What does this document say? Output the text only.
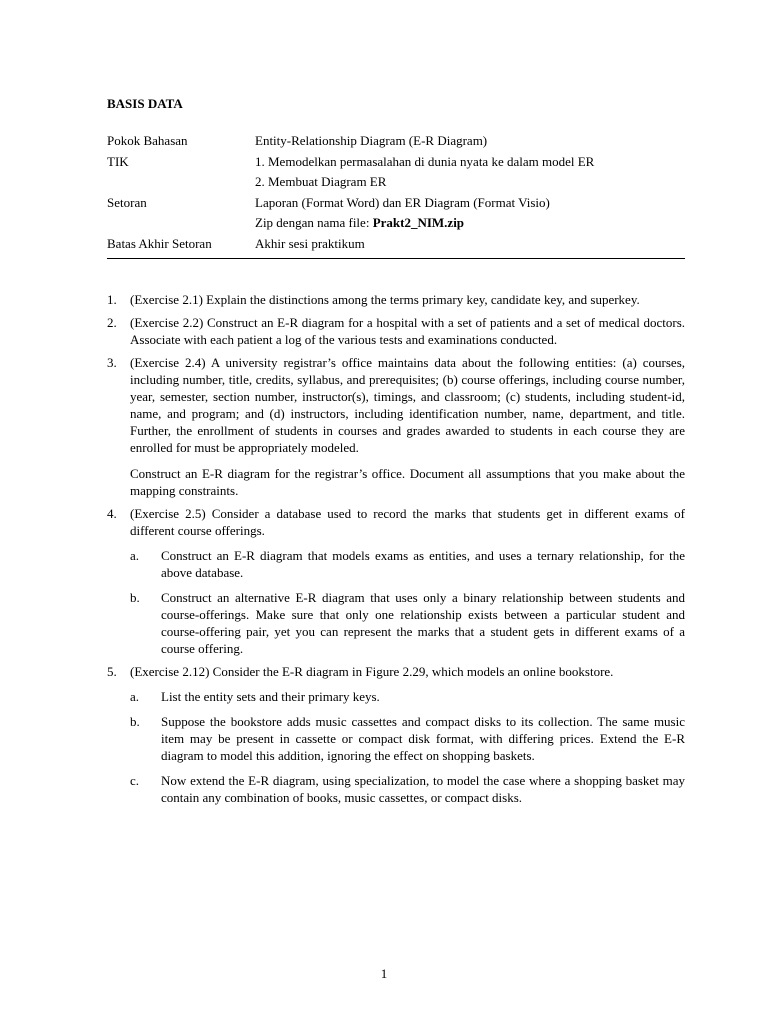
BASIS DATA
Pokok Bahasan	Entity-Relationship Diagram (E-R Diagram)
TIK	1. Memodelkan permasalahan di dunia nyata ke dalam model ER
2. Membuat Diagram ER
Setoran	Laporan (Format Word) dan ER Diagram (Format Visio)
Zip dengan nama file: Prakt2_NIM.zip
Batas Akhir Setoran	Akhir sesi praktikum
1. (Exercise 2.1) Explain the distinctions among the terms primary key, candidate key, and superkey.

2. (Exercise 2.2) Construct an E-R diagram for a hospital with a set of patients and a set of medical doctors. Associate with each patient a log of the various tests and examinations conducted.

3. (Exercise 2.4) A university registrar’s office maintains data about the following entities: (a) courses, including number, title, credits, syllabus, and prerequisites; (b) course offerings, including course number, year, semester, section number, instructor(s), timings, and classroom; (c) students, including student-id, name, and program; and (d) instructors, including identification number, name, department, and title. Further, the enrollment of students in courses and grades awarded to students in each course they are enrolled for must be appropriately modeled.

Construct an E-R diagram for the registrar’s office. Document all assumptions that you make about the mapping constraints.

4. (Exercise 2.5) Consider a database used to record the marks that students get in different exams of different course offerings.

a. Construct an E-R diagram that models exams as entities, and uses a ternary relationship, for the above database.

b. Construct an alternative E-R diagram that uses only a binary relationship between students and course-offerings. Make sure that only one relationship exists between a particular student and course-offering pair, yet you can represent the marks that a student gets in different exams of a course offering.

5. (Exercise 2.12) Consider the E-R diagram in Figure 2.29, which models an online bookstore.

a. List the entity sets and their primary keys.

b. Suppose the bookstore adds music cassettes and compact disks to its collection. The same music item may be present in cassette or compact disk format, with differing prices. Extend the E-R diagram to model this addition, ignoring the effect on shopping baskets.

c. Now extend the E-R diagram, using specialization, to model the case where a shopping basket may contain any combination of books, music cassettes, or compact disks.

1
